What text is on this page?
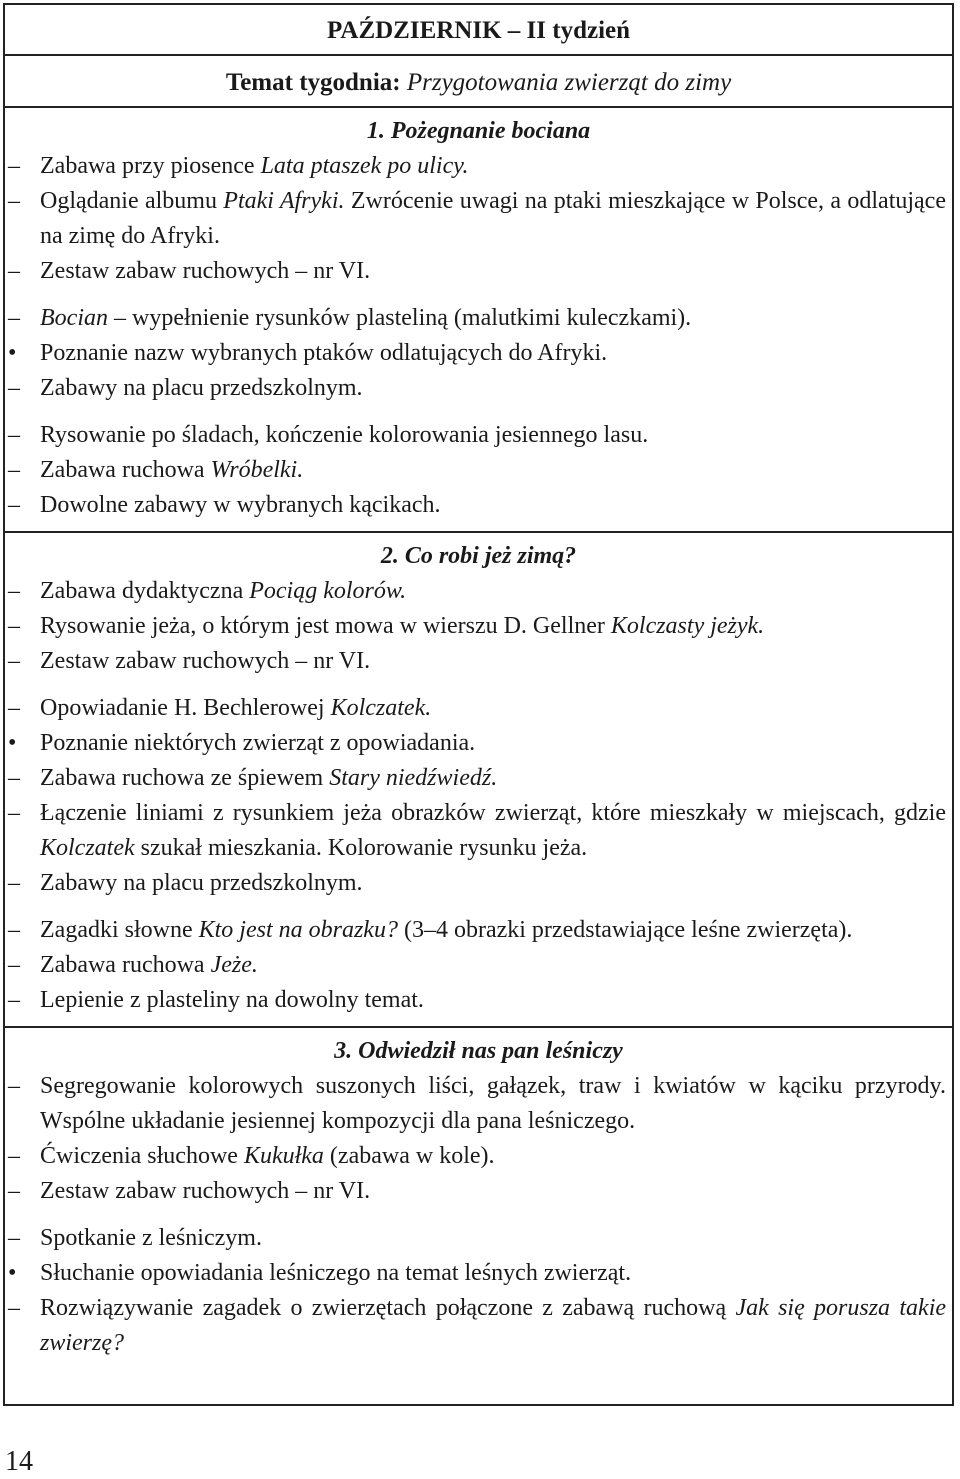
PAŹDZIERNIK – II tydzień
Temat tygodnia: Przygotowania zwierząt do zimy
1. Pożegnanie bociana
– Zabawa przy piosence Lata ptaszek po ulicy.
– Oglądanie albumu Ptaki Afryki. Zwrócenie uwagi na ptaki mieszkające w Polsce, a odlatujące na zimę do Afryki.
– Zestaw zabaw ruchowych – nr VI.
– Bocian – wypełnienie rysunków plasteliną (malutkimi kuleczkami).
• Poznanie nazw wybranych ptaków odlatujących do Afryki.
– Zabawy na placu przedszkolnym.
– Rysowanie po śladach, kończenie kolorowania jesiennego lasu.
– Zabawa ruchowa Wróbelki.
– Dowolne zabawy w wybranych kącikach.
2. Co robi jeż zimą?
– Zabawa dydaktyczna Pociąg kolorów.
– Rysowanie jeża, o którym jest mowa w wierszu D. Gellner Kolczasty jeżyk.
– Zestaw zabaw ruchowych – nr VI.
– Opowiadanie H. Bechlerowej Kolczatek.
• Poznanie niektórych zwierząt z opowiadania.
– Zabawa ruchowa ze śpiewem Stary niedźwiedź.
– Łączenie liniami z rysunkiem jeża obrazków zwierząt, które mieszkały w miejscach, gdzie Kolczatek szukał mieszkania. Kolorowanie rysunku jeża.
– Zabawy na placu przedszkolnym.
– Zagadki słowne Kto jest na obrazku? (3–4 obrazki przedstawiające leśne zwierzęta).
– Zabawa ruchowa Jeże.
– Lepienie z plasteliny na dowolny temat.
3. Odwiedził nas pan leśniczy
– Segregowanie kolorowych suszonych liści, gałązek, traw i kwiatów w kąciku przyrody. Wspólne układanie jesiennej kompozycji dla pana leśniczego.
– Ćwiczenia słuchowe Kukułka (zabawa w kole).
– Zestaw zabaw ruchowych – nr VI.
– Spotkanie z leśniczym.
• Słuchanie opowiadania leśniczego na temat leśnych zwierząt.
– Rozwiązywanie zagadek o zwierzętach połączone z zabawą ruchową Jak się porusza takie zwierzę?
14
